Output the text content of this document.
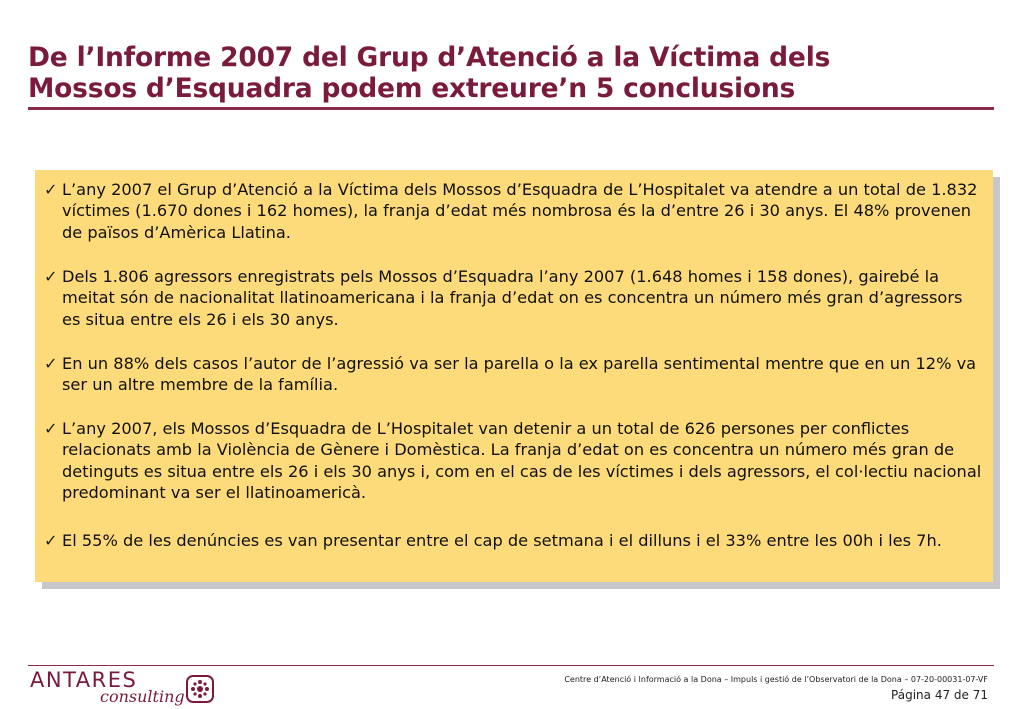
De l’Informe 2007 del Grup d’Atenció a la Víctima dels
Mossos d’Esquadra podem extreure’n 5 conclusions
✓ L’any 2007 el Grup d’Atenció a la Víctima dels Mossos d’Esquadra de L’Hospitalet va atendre a un total de 1.832 víctimes (1.670 dones i 162 homes), la franja d’edat més nombrosa és la d’entre 26 i 30 anys. El 48% provenen de països d’Amèrica Llatina.
✓ Dels 1.806 agressors enregistrats pels Mossos d’Esquadra l’any 2007 (1.648 homes i 158 dones), gairebé la meitat són de nacionalitat llatinoamericana i la franja d’edat on es concentra un número més gran d’agressors es situa entre els 26 i els 30 anys.
✓ En un 88% dels casos l’autor de l’agressió va ser la parella o la ex parella sentimental mentre que en un 12% va ser un altre membre de la família.
✓ L’any 2007, els Mossos d’Esquadra de L’Hospitalet van detenir a un total de 626 persones per conflictes relacionats amb la Violència de Gènere i Domèstica. La franja d’edat on es concentra un número més gran de detinguts es situa entre els 26 i els 30 anys i, com en el cas de les víctimes i dels agressors, el col·lectiu nacional predominant va ser el llatinoamericà.
✓ El 55% de les denúncies es van presentar entre el cap de setmana i el dilluns i el 33% entre les 00h i les 7h.
ANTARES
consulting
Centre d’Atenció i Informació a la Dona – Impuls i gestió de l’Observatori de la Dona – 07-20-00031-07-VF
Página 47 de 71
